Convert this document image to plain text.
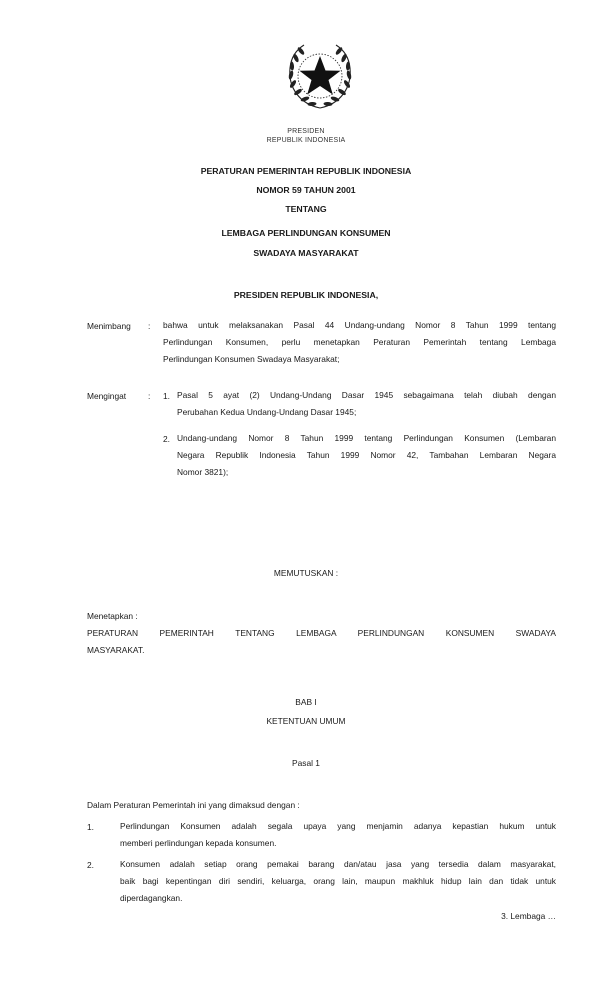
PRESIDEN
REPUBLIK INDONESIA
PERATURAN PEMERINTAH REPUBLIK INDONESIA
NOMOR 59 TAHUN 2001
TENTANG
LEMBAGA PERLINDUNGAN KONSUMEN
SWADAYA MASYARAKAT
PRESIDEN REPUBLIK INDONESIA,
Menimbang : bahwa untuk melaksanakan Pasal 44 Undang-undang Nomor 8 Tahun 1999 tentang
Perlindungan Konsumen, perlu menetapkan Peraturan Pemerintah tentang Lembaga
Perlindungan Konsumen Swadaya Masyarakat;
Mengingat	: 1. Pasal 5 ayat (2) Undang-Undang Dasar 1945 sebagaimana telah diubah dengan
Perubahan Kedua Undang-Undang Dasar 1945;
2. Undang-undang Nomor 8 Tahun 1999 tentang Perlindungan Konsumen (Lembaran
Negara Republik Indonesia Tahun 1999 Nomor 42, Tambahan Lembaran Negara
Nomor 3821);
MEMUTUSKAN :
Menetapkan :
PERATURAN PEMERINTAH TENTANG LEMBAGA PERLINDUNGAN KONSUMEN SWADAYA
MASYARAKAT.
BAB I
KETENTUAN UMUM
Pasal 1
Dalam Peraturan Pemerintah ini yang dimaksud dengan :
1.	Perlindungan Konsumen adalah segala upaya yang menjamin adanya kepastian hukum untuk
memberi perlindungan kepada konsumen.
2.	Konsumen adalah setiap orang pemakai barang dan/atau jasa yang tersedia dalam masyarakat,
baik bagi kepentingan diri sendiri, keluarga, orang lain, maupun makhluk hidup lain dan tidak untuk
diperdagangkan.
3. Lembaga …
